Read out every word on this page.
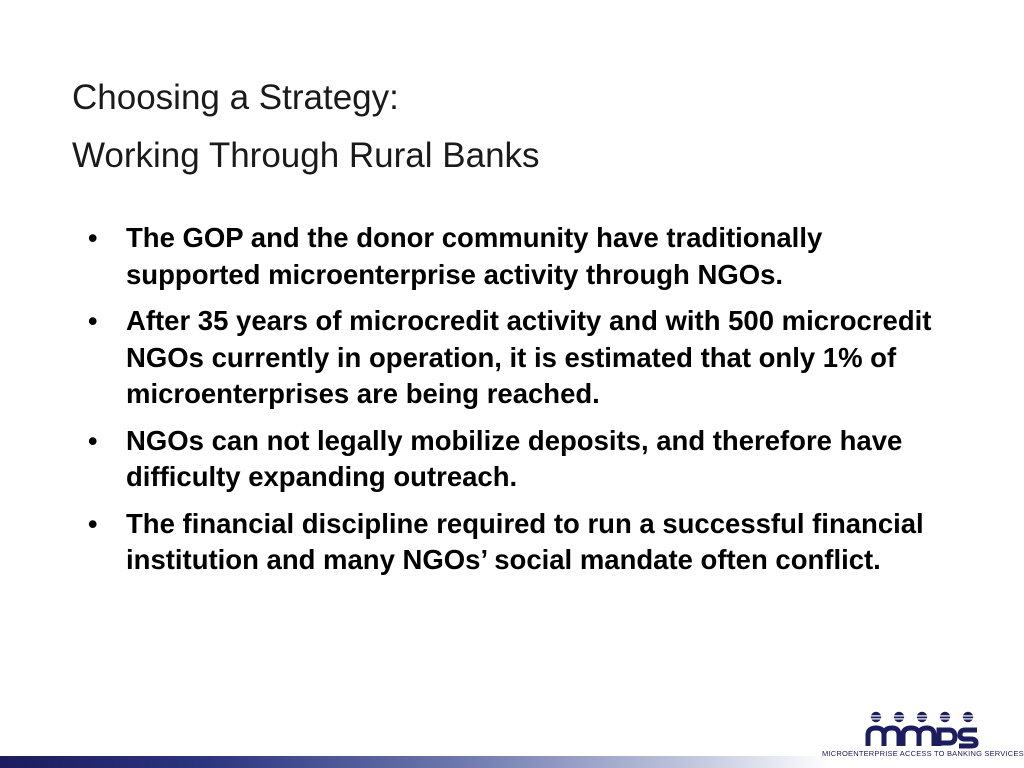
Choosing a Strategy:
Working Through Rural Banks
•	The GOP and the donor community have traditionally supported microenterprise activity through NGOs.
•	After 35 years of microcredit activity and with 500 microcredit NGOs currently in operation, it is estimated that only 1% of microenterprises are being reached.
•	NGOs can not legally mobilize deposits, and therefore have difficulty expanding outreach.
•	The financial discipline required to run a successful financial institution and many NGOs’ social mandate often conflict.
MICROENTERPRISE ACCESS TO BANKING SERVICES
